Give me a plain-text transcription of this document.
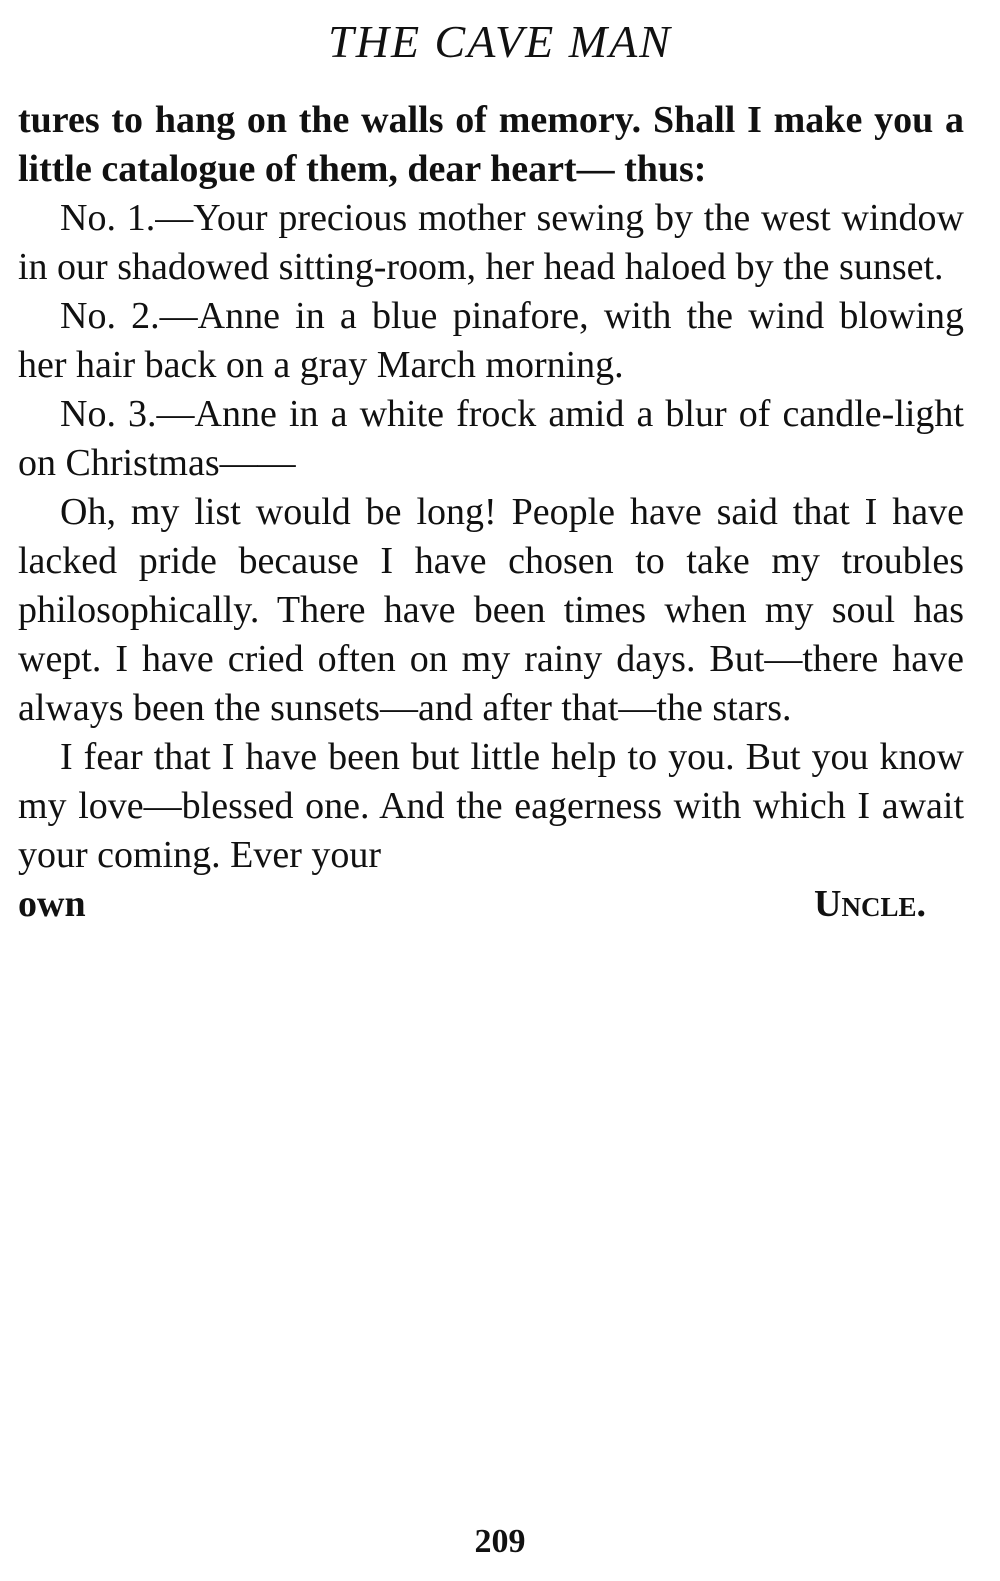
THE CAVE MAN

tures to hang on the walls of memory. Shall I make you a little catalogue of them, dear heart— thus:

No. 1.—Your precious mother sewing by the west window in our shadowed sitting-room, her head haloed by the sunset.

No. 2.—Anne in a blue pinafore, with the wind blowing her hair back on a gray March morning.

No. 3.—Anne in a white frock amid a blur of candle-light on Christmas——

Oh, my list would be long! People have said that I have lacked pride because I have chosen to take my troubles philosophically. There have been times when my soul has wept. I have cried often on my rainy days. But—there have always been the sunsets—and after that—the stars.

I fear that I have been but little help to you. But you know my love—blessed one. And the eagerness with which I await your coming. Ever your

own	Uncle.
209
